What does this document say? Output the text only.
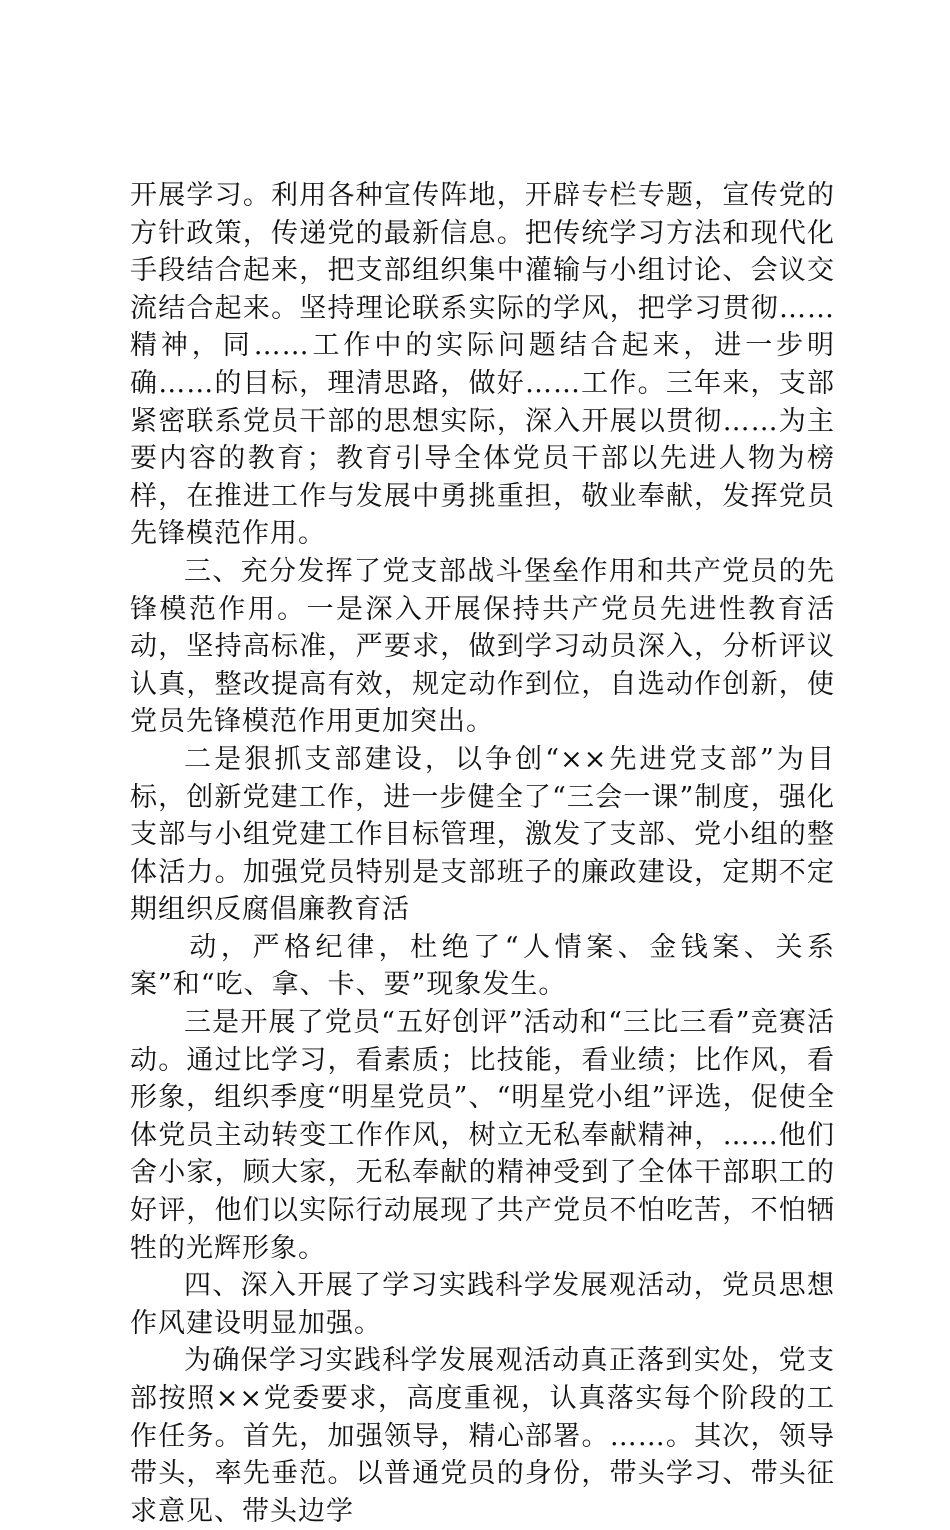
开展学习。利用各种宣传阵地，开辟专栏专题，宣传党的方针政策，传递党的最新信息。把传统学习方法和现代化手段结合起来，把支部组织集中灌输与小组讨论、会议交流结合起来。坚持理论联系实际的学风，把学习贯彻……精神，同……工作中的实际问题结合起来，进一步明确……的目标，理清思路，做好……工作。三年来，支部紧密联系党员干部的思想实际，深入开展以贯彻……为主要内容的教育；教育引导全体党员干部以先进人物为榜样，在推进工作与发展中勇挑重担，敬业奉献，发挥党员先锋模范作用。

三、充分发挥了党支部战斗堡垒作用和共产党员的先锋模范作用。一是深入开展保持共产党员先进性教育活动，坚持高标准，严要求，做到学习动员深入，分析评议认真，整改提高有效，规定动作到位，自选动作创新，使党员先锋模范作用更加突出。

二是狠抓支部建设，以争创“××先进党支部”为目标，创新党建工作，进一步健全了“三会一课”制度，强化支部与小组党建工作目标管理，激发了支部、党小组的整体活力。加强党员特别是支部班子的廉政建设，定期不定期组织反腐倡廉教育活

动，严格纪律，杜绝了“人情案、金钱案、关系案”和“吃、拿、卡、要”现象发生。

三是开展了党员“五好创评”活动和“三比三看”竞赛活动。通过比学习，看素质；比技能，看业绩；比作风，看形象，组织季度“明星党员”、“明星党小组”评选，促使全体党员主动转变工作作风，树立无私奉献精神，……他们舍小家，顾大家，无私奉献的精神受到了全体干部职工的好评，他们以实际行动展现了共产党员不怕吃苦，不怕牺牲的光辉形象。

四、深入开展了学习实践科学发展观活动，党员思想作风建设明显加强。

为确保学习实践科学发展观活动真正落到实处，党支部按照××党委要求，高度重视，认真落实每个阶段的工作任务。首先，加强领导，精心部署。……。其次，领导带头，率先垂范。以普通党员的身份，带头学习、带头征求意见、带头边学
